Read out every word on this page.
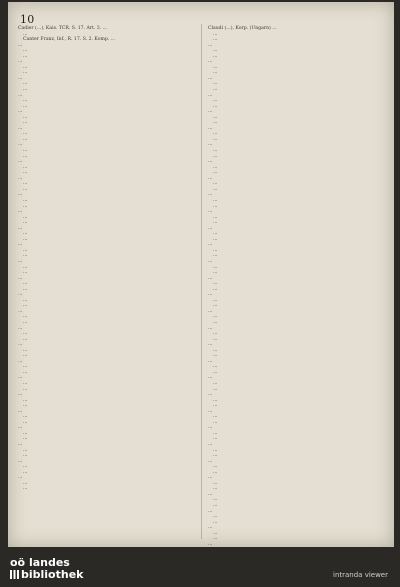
10
Cadier (...), Kais. TCR. S. 17. Art. 3. ...
...
Canter Franz, Inf., R. 17. S. 2. Komp. ...
...
...
...
...
...
...
...
...
...
...
...
...
...
...
...
...
...
...
...
...
...
...
...
...
...
...
...
...
...
...
...
...
...
...
...
...
...
...
...
...
...
...
...
...
...
...
...
...
...
...
...
...
...
...
...
...
...
...
...
...
...
...
...
...
...
...
...
...
...
...
...
...
...
...
...
...
...
...
...
...
...
Claudi (...), Korp. (Ungarn) ...
...
...
...
...
...
...
...
...
...
...
...
...
...
...
...
...
...
...
...
...
...
...
...
...
...
...
...
...
...
...
...
...
...
...
...
...
...
...
...
...
...
...
...
...
...
...
...
...
...
...
...
...
...
...
...
...
...
...
...
...
...
...
...
...
...
...
...
...
...
...
...
...
...
...
...
...
...
...
...
...
...
...
...
...
...
...
...
...
...
...
...
...
...
oö landes
bibliothek	intranda viewer
